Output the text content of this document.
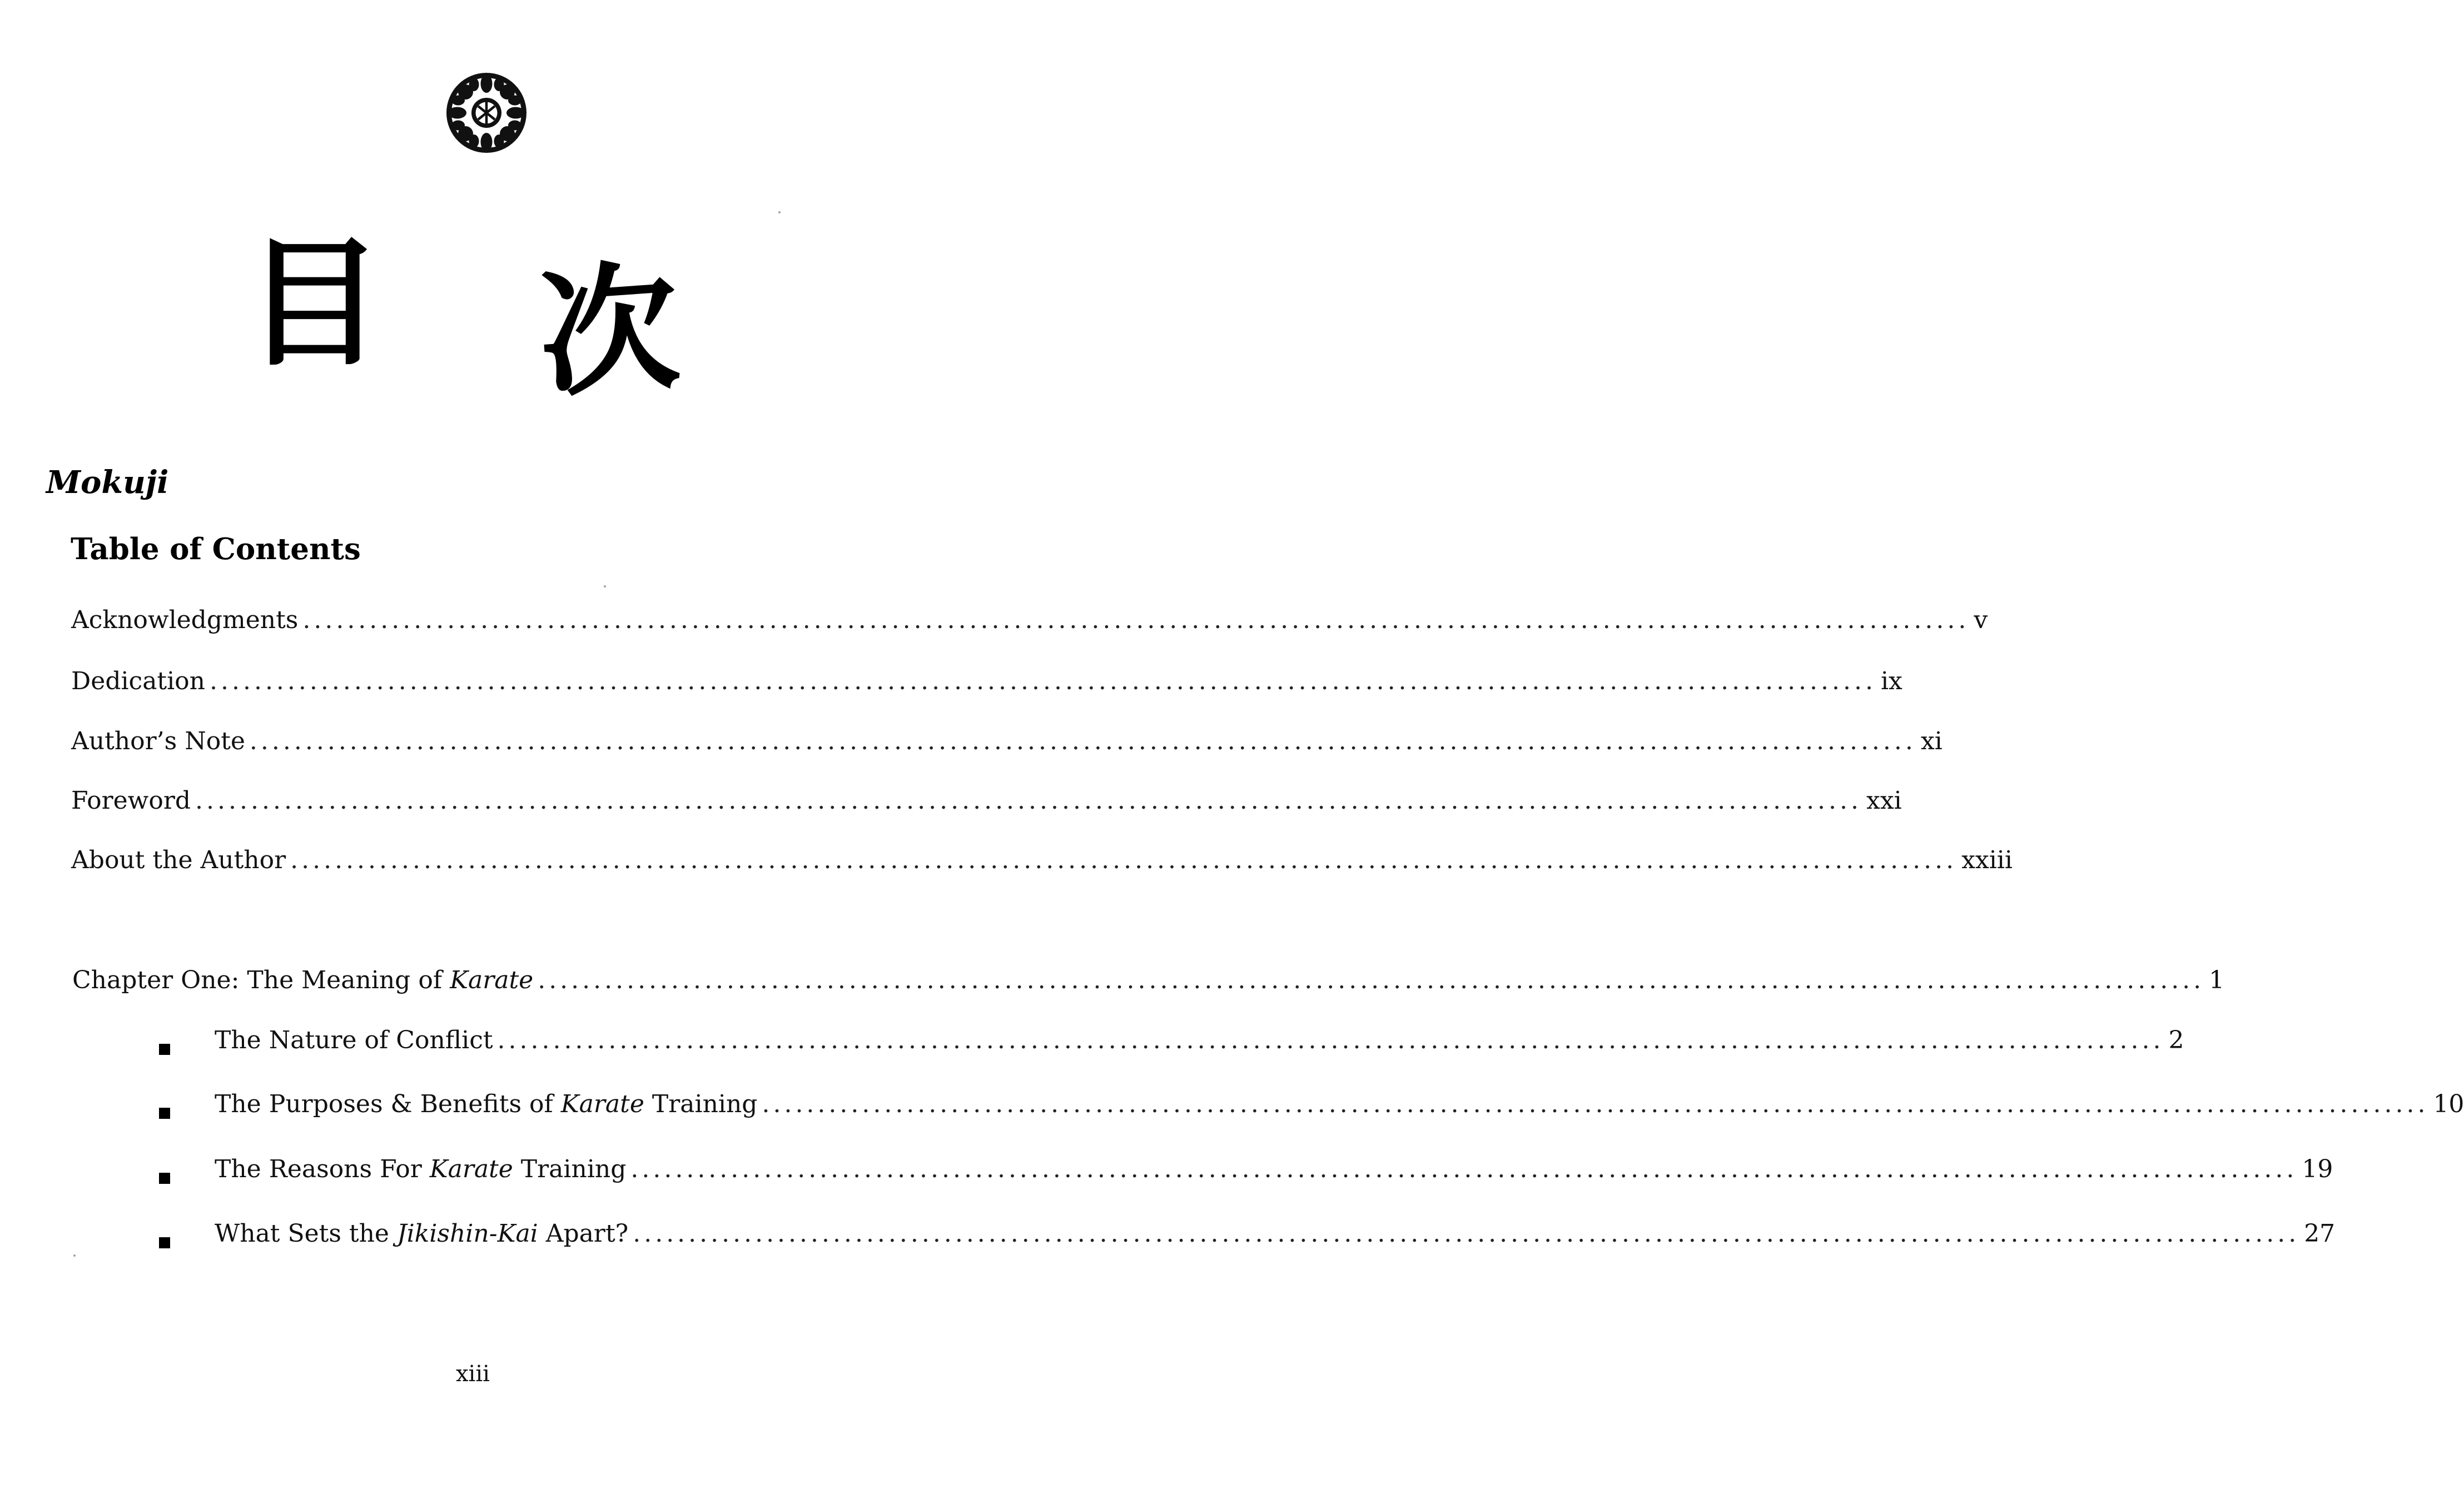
目 次
Mokuji
Table of Contents
Acknowledgments ...................................................................................................................................................... v
Dedication ...................................................................................................................................................... ix
Author’s Note ...................................................................................................................................................... xi
Foreword ...................................................................................................................................................... xxi
About the Author ...................................................................................................................................................... xxiii
Chapter One: The Meaning of Karate ...................................................................................................................................................... 1
The Nature of Conflict ...................................................................................................................................................... 2
The Purposes & Benefits of Karate Training ...................................................................................................................................................... 10
The Reasons For Karate Training ...................................................................................................................................................... 19
What Sets the Jikishin-Kai Apart? ...................................................................................................................................................... 27
xiii
